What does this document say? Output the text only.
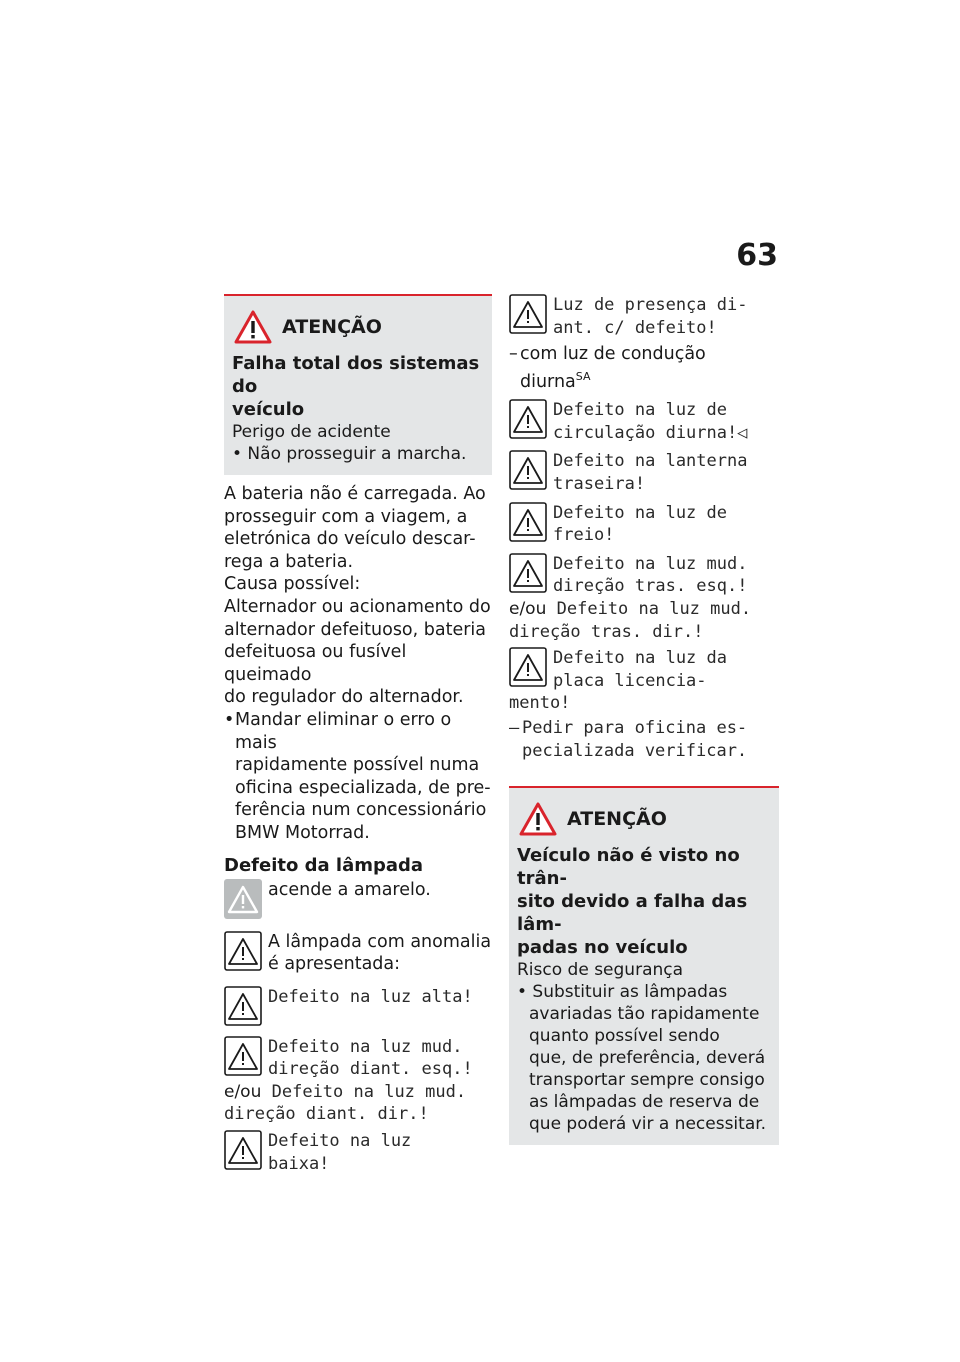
63
ATENÇÃO
Falha total dos sistemas do
veículo
Perigo de acidente
• Não prosseguir a marcha.
A bateria não é carregada. Ao
prosseguir com a viagem, a
eletrónica do veículo descar-
rega a bateria.
Causa possível:
Alternador ou acionamento do
alternador defeituoso, bateria
defeituosa ou fusível queimado
do regulador do alternador.
•Mandar eliminar o erro o mais
rapidamente possível numa
oficina especializada, de pre-
ferência num concessionário
BMW Motorrad.
Defeito da lâmpada
acende a amarelo.
A lâmpada com anomalia
é apresentada:
Defeito na luz alta!
Defeito na luz mud.
direção diant. esq.!
e/ou Defeito na luz mud.
direção diant. dir.!
Defeito na luz
baixa!
Luz de presença di-
ant. c/ defeito!
– com luz de condução
diurna$^{SA}$
Defeito na luz de
circulação diurna!◁
Defeito na lanterna
traseira!
Defeito na luz de
freio!
Defeito na luz mud.
direção tras. esq.!
e/ou Defeito na luz mud.
direção tras. dir.!
Defeito na luz da
placa licencia-
mento!
– Pedir para oficina es-
pecializada verificar.
ATENÇÃO
Veículo não é visto no trân-
sito devido a falha das lâm-
padas no veículo
Risco de segurança
• Substituir as lâmpadas
avariadas tão rapidamente
quanto possível sendo
que, de preferência, deverá
transportar sempre consigo
as lâmpadas de reserva de
que poderá vir a necessitar.
